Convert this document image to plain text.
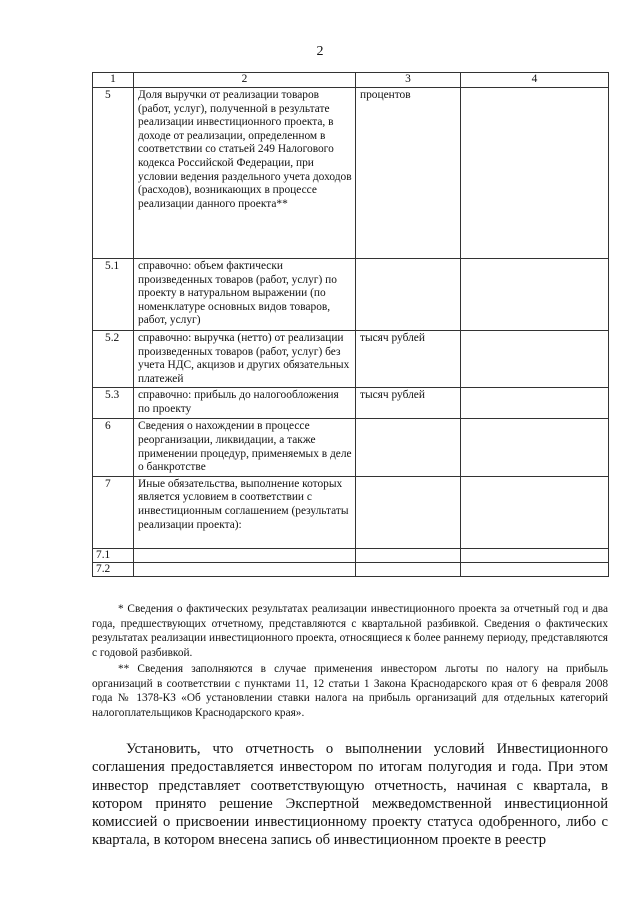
2
1	2	3	4
5	Доля выручки от реализации товаров (работ, услуг), полученной в результате реализации инвестиционного проекта, в доходе от реализации, определенном в соответствии со статьей 249 Налогового кодекса Российской Федерации, при условии ведения раздельного учета доходов (расходов), возникающих в процессе реализации данного проекта**	процентов	
5.1	справочно: объем фактически произведенных товаров (работ, услуг) по проекту в натуральном выражении (по номенклатуре основных видов товаров, работ, услуг)		
5.2	справочно: выручка (нетто) от реализации произведенных товаров (работ, услуг) без учета НДС, акцизов и других обязательных платежей	тысяч рублей	
5.3	справочно: прибыль до налогообложения по проекту	тысяч рублей	
6	Сведения о нахождении в процессе реорганизации, ликвидации, а также применении процедур, применяемых в деле о банкротстве		
7	Иные обязательства, выполнение которых является условием в соответствии с инвестиционным соглашением (результаты реализации проекта):		
7.1			
7.2			
* Сведения о фактических результатах реализации инвестиционного проекта за отчетный год и два года, предшествующих отчетному, представляются с квартальной разбивкой. Сведения о фактических результатах реализации инвестиционного проекта, относящиеся к более раннему периоду, представляются с годовой разбивкой.
** Сведения заполняются в случае применения инвестором льготы по налогу на прибыль организаций в соответствии с пунктами 11, 12 статьи 1 Закона Краснодарского края от 6 февраля 2008 года № 1378-КЗ «Об установлении ставки налога на прибыль организаций для отдельных категорий налогоплательщиков Краснодарского края».
Установить, что отчетность о выполнении условий Инвестиционного соглашения предоставляется инвестором по итогам полугодия и года. При этом инвестор представляет соответствующую отчетность, начиная с квартала, в котором принято решение Экспертной межведомственной инвестиционной комиссией о присвоении инвестиционному проекту статуса одобренного, либо с квартала, в котором внесена запись об инвестиционном проекте в реестр
